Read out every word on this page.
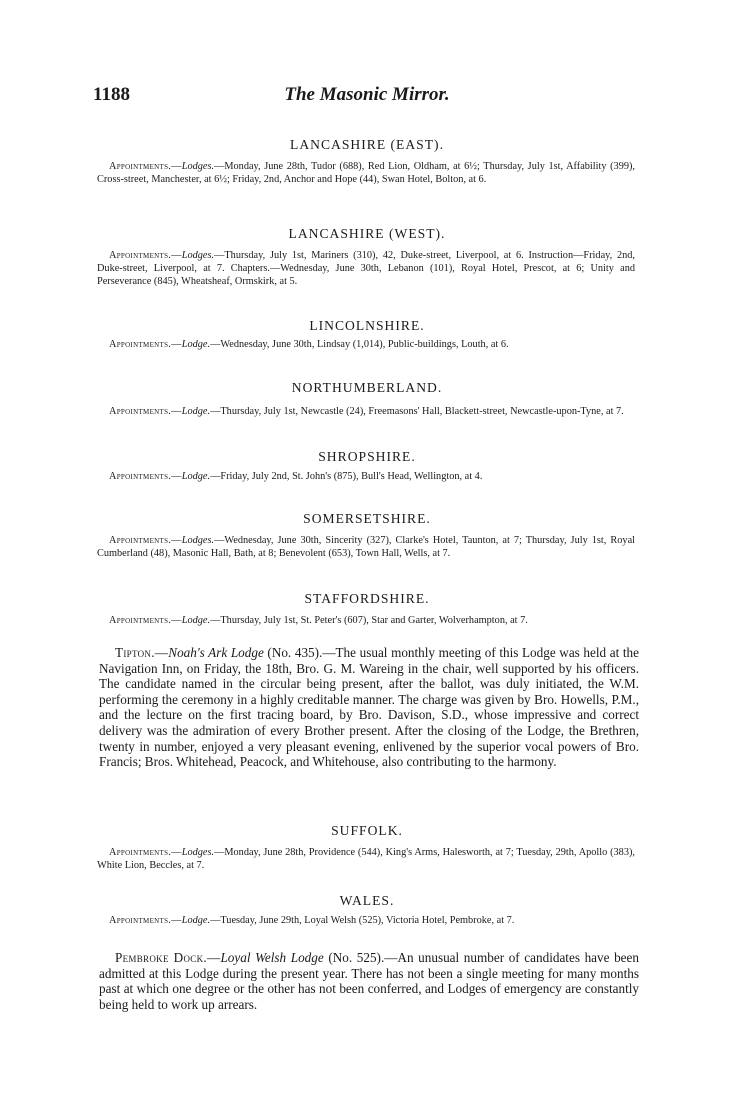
1188	The Masonic Mirror.
LANCASHIRE (EAST).
Appointments.—Lodges.—Monday, June 28th, Tudor (688), Red Lion, Oldham, at 6½; Thursday, July 1st, Affability (399), Cross-street, Manchester, at 6½; Friday, 2nd, Anchor and Hope (44), Swan Hotel, Bolton, at 6.
LANCASHIRE (WEST).
Appointments.—Lodges.—Thursday, July 1st, Mariners (310), 42, Duke-street, Liverpool, at 6. Instruction—Friday, 2nd, Duke-street, Liverpool, at 7. Chapters.—Wednesday, June 30th, Lebanon (101), Royal Hotel, Prescot, at 6; Unity and Perseverance (845), Wheatsheaf, Ormskirk, at 5.
LINCOLNSHIRE.
Appointments.—Lodge.—Wednesday, June 30th, Lindsay (1,014), Public-buildings, Louth, at 6.
NORTHUMBERLAND.
Appointments.—Lodge.—Thursday, July 1st, Newcastle (24), Freemasons' Hall, Blackett-street, Newcastle-upon-Tyne, at 7.
SHROPSHIRE.
Appointments.—Lodge.—Friday, July 2nd, St. John's (875), Bull's Head, Wellington, at 4.
SOMERSETSHIRE.
Appointments.—Lodges.—Wednesday, June 30th, Sincerity (327), Clarke's Hotel, Taunton, at 7; Thursday, July 1st, Royal Cumberland (48), Masonic Hall, Bath, at 8; Benevolent (653), Town Hall, Wells, at 7.
STAFFORDSHIRE.
Appointments.—Lodge.—Thursday, July 1st, St. Peter's (607), Star and Garter, Wolverhampton, at 7.
Tipton.—Noah's Ark Lodge (No. 435).—The usual monthly meeting of this Lodge was held at the Navigation Inn, on Friday, the 18th, Bro. G. M. Wareing in the chair, well supported by his officers. The candidate named in the circular being present, after the ballot, was duly initiated, the W.M. performing the ceremony in a highly creditable manner. The charge was given by Bro. Howells, P.M., and the lecture on the first tracing board, by Bro. Davison, S.D., whose impressive and correct delivery was the admiration of every Brother present. After the closing of the Lodge, the Brethren, twenty in number, enjoyed a very pleasant evening, enlivened by the superior vocal powers of Bro. Francis; Bros. Whitehead, Peacock, and Whitehouse, also contributing to the harmony.
SUFFOLK.
Appointments.—Lodges.—Monday, June 28th, Providence (544), King's Arms, Halesworth, at 7; Tuesday, 29th, Apollo (383), White Lion, Beccles, at 7.
WALES.
Appointments.—Lodge.—Tuesday, June 29th, Loyal Welsh (525), Victoria Hotel, Pembroke, at 7.
Pembroke Dock.—Loyal Welsh Lodge (No. 525).—An unusual number of candidates have been admitted at this Lodge during the present year. There has not been a single meeting for many months past at which one degree or the other has not been conferred, and Lodges of emergency are constantly being held to work up arrears.
